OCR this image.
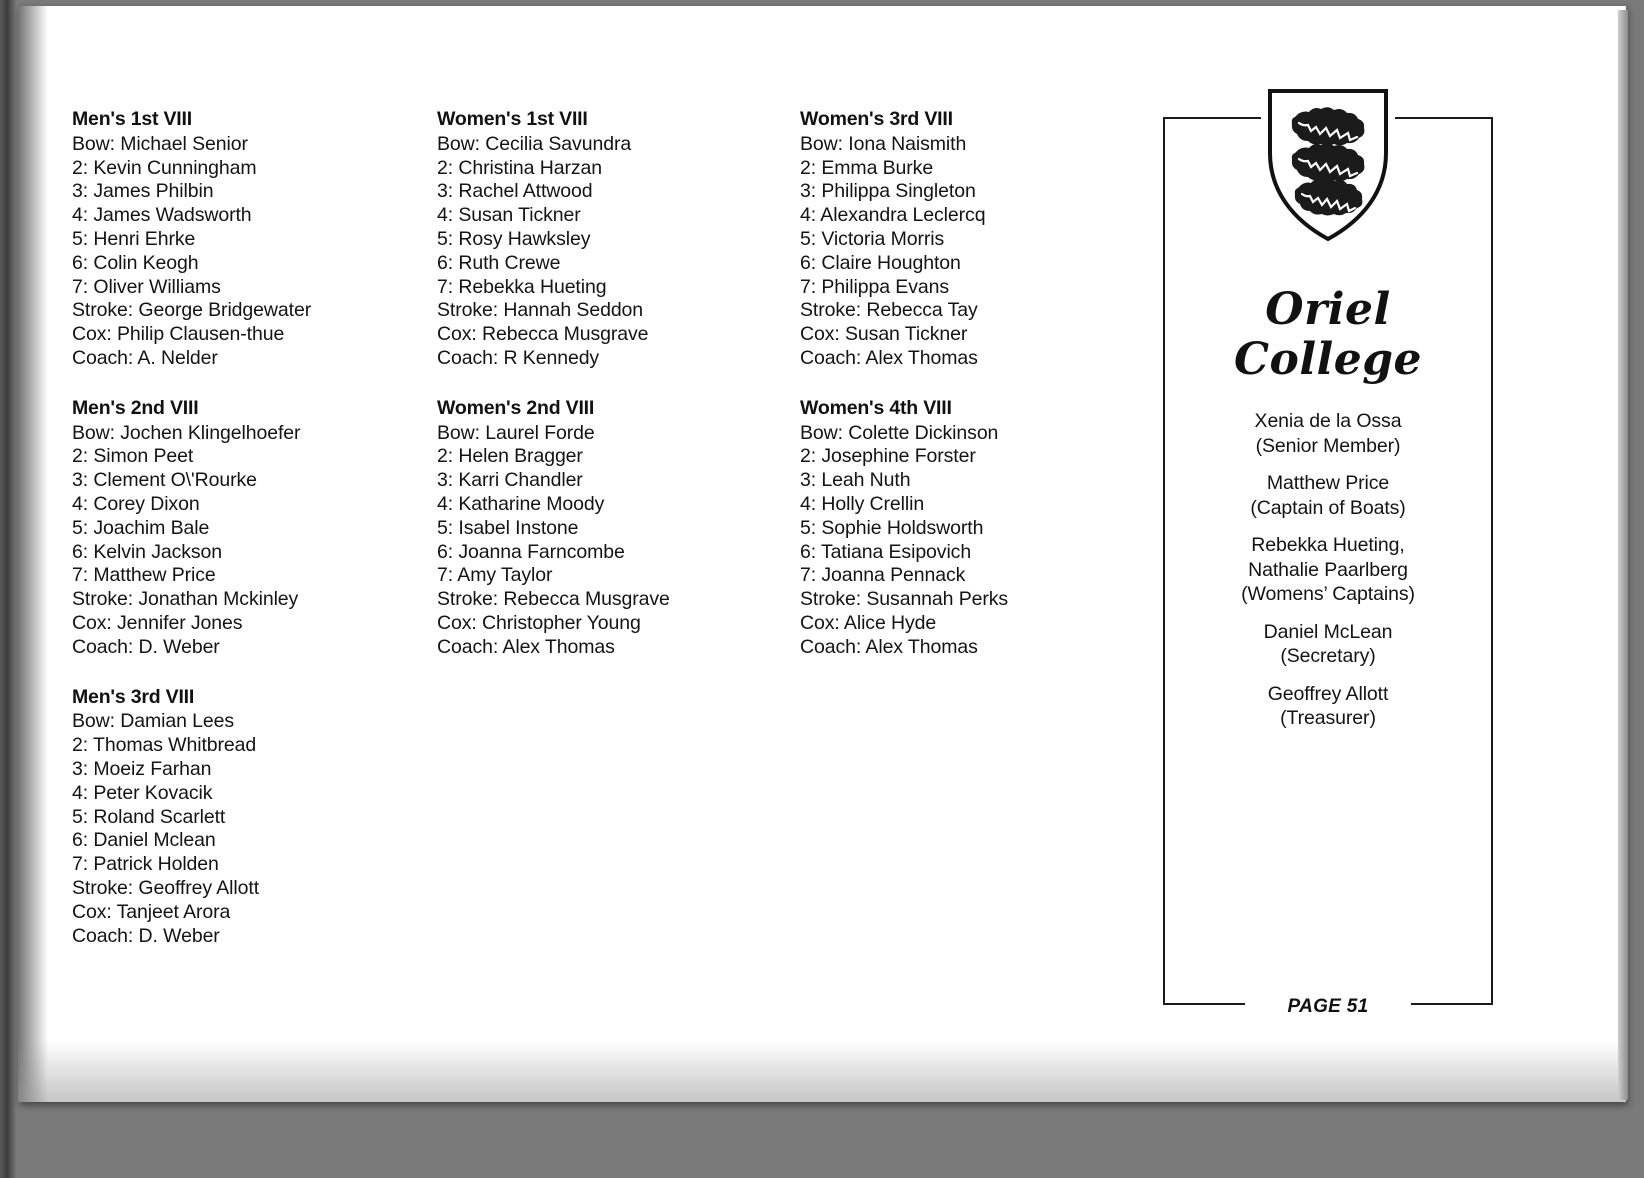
Men's 1st VIII
Bow: Michael Senior
2: Kevin Cunningham
3: James Philbin
4: James Wadsworth
5: Henri Ehrke
6: Colin Keogh
7: Oliver Williams
Stroke: George Bridgewater
Cox: Philip Clausen-thue
Coach: A. Nelder
Men's 2nd VIII
Bow: Jochen Klingelhoefer
2: Simon Peet
3: Clement O\'Rourke
4: Corey Dixon
5: Joachim Bale
6: Kelvin Jackson
7: Matthew Price
Stroke: Jonathan Mckinley
Cox: Jennifer Jones
Coach: D. Weber
Men's 3rd VIII
Bow: Damian Lees
2: Thomas Whitbread
3: Moeiz Farhan
4: Peter Kovacik
5: Roland Scarlett
6: Daniel Mclean
7: Patrick Holden
Stroke: Geoffrey Allott
Cox: Tanjeet Arora
Coach: D. Weber
Women's 1st VIII
Bow: Cecilia Savundra
2: Christina Harzan
3: Rachel Attwood
4: Susan Tickner
5: Rosy Hawksley
6: Ruth Crewe
7: Rebekka Hueting
Stroke: Hannah Seddon
Cox: Rebecca Musgrave
Coach: R Kennedy
Women's 2nd VIII
Bow: Laurel Forde
2: Helen Bragger
3: Karri Chandler
4: Katharine Moody
5: Isabel Instone
6: Joanna Farncombe
7: Amy Taylor
Stroke: Rebecca Musgrave
Cox: Christopher Young
Coach: Alex Thomas
Women's 3rd VIII
Bow: Iona Naismith
2: Emma Burke
3: Philippa Singleton
4: Alexandra Leclercq
5: Victoria Morris
6: Claire Houghton
7: Philippa Evans
Stroke: Rebecca Tay
Cox: Susan Tickner
Coach: Alex Thomas
Women's 4th VIII
Bow: Colette Dickinson
2: Josephine Forster
3: Leah Nuth
4: Holly Crellin
5: Sophie Holdsworth
6: Tatiana Esipovich
7: Joanna Pennack
Stroke: Susannah Perks
Cox: Alice Hyde
Coach: Alex Thomas
Oriel
College
Xenia de la Ossa
(Senior Member)
Matthew Price
(Captain of Boats)
Rebekka Hueting,
Nathalie Paarlberg
(Womens’ Captains)
Daniel McLean
(Secretary)
Geoffrey Allott
(Treasurer)
PAGE 51
